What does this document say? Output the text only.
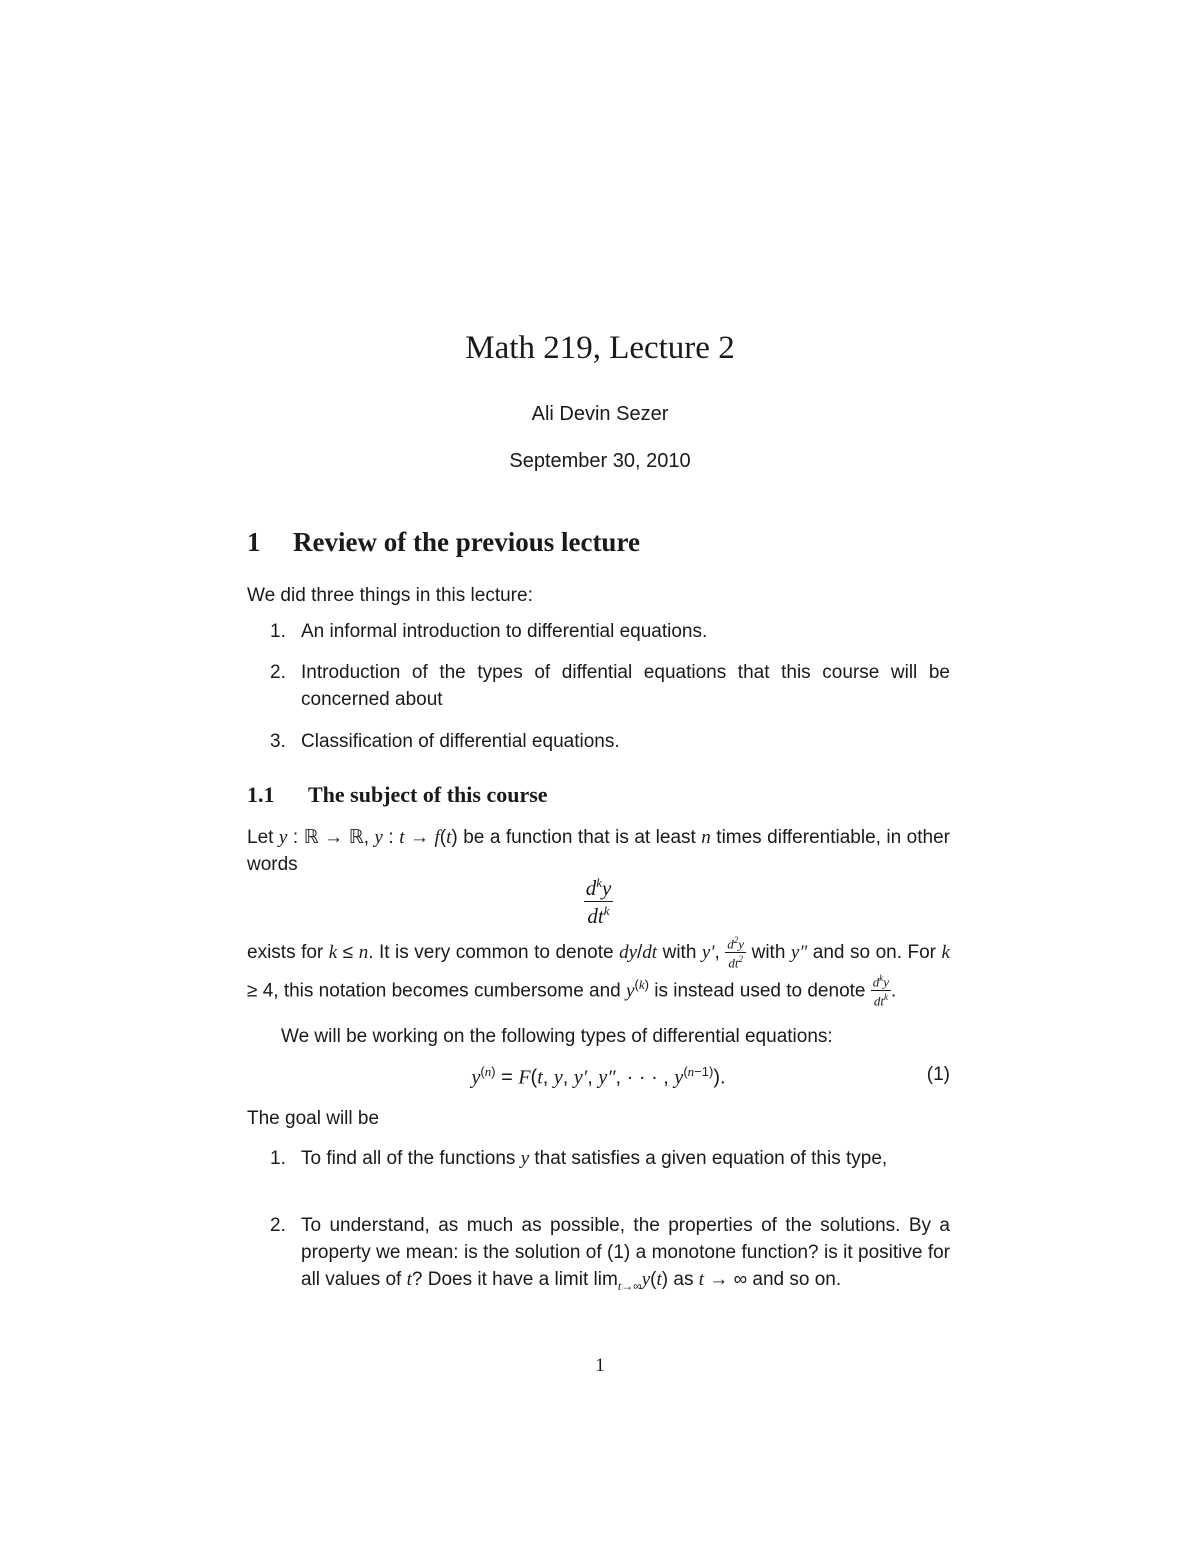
Math 219, Lecture 2
Ali Devin Sezer
September 30, 2010
1 Review of the previous lecture
We did three things in this lecture:
1. An informal introduction to differential equations.
2. Introduction of the types of diffential equations that this course will be concerned about
3. Classification of differential equations.
1.1 The subject of this course
Let y : ℝ → ℝ, y : t → f(t) be a function that is at least n times differentiable, in other words
$\frac{d^ky}{dt^k}$
exists for k ≤ n. It is very common to denote dy/dt with y′, $\frac{d^2y}{dt^2}$ with y″ and so on. For k ≥ 4, this notation becomes cumbersome and $y^{(k)}$ is instead used to denote $\frac{d^ky}{dt^k}$ .
We will be working on the following types of differential equations:
$y^{(n)} = F(t$, y, y′, y″, · · · , $y^{(n-1)}$).	(1)
The goal will be
1. To find all of the functions y that satisfies a given equation of this type,
2. To understand, as much as possible, the properties of the solutions. By a property we mean: is the solution of (1) a monotone function? is it positive for all values of t? Does it have a limit $\lim_{t\to\infty}y(t)$ as t → ∞ and so on.
1
